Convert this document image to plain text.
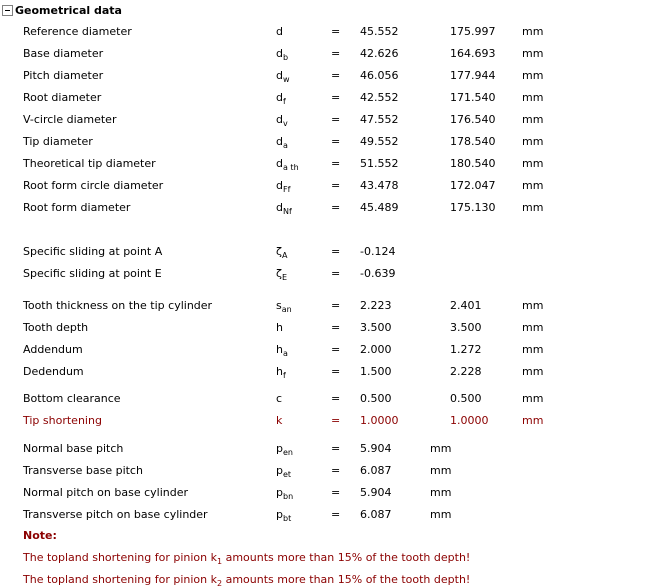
Geometrical data
Reference diameter	d	= 45.552	175.997 mm
Base diameter	$d_b$	= 42.626	164.693 mm
Pitch diameter	$d_w$	= 46.056	177.944 mm
Root diameter	$d_f$	= 42.552	171.540 mm
V-circle diameter	$d_v$	= 47.552	176.540 mm
Tip diameter	$d_a$	= 49.552	178.540 mm
Theoretical tip diameter	$d_{a th}$	= 51.552	180.540 mm
Root form circle diameter	$d_{Ff}$	= 43.478	172.047 mm
Root form diameter	$d_{Nf}$	= 45.489	175.130 mm
Specific sliding at point A	$\zeta_A$	= -0.124
Specific sliding at point E	$\zeta_E$	= -0.639
Tooth thickness on the tip cylinder	$s_{an}$	= 2.223	2.401	mm
Tooth depth	h	= 3.500	3.500	mm
Addendum	$h_a$	= 2.000	1.272	mm
Dedendum	$h_f$	= 1.500	2.228	mm
Bottom clearance	c	= 0.500	0.500	mm
Tip shortening	k	= 1.0000	1.0000	mm
Normal base pitch	$p_{en}$	= 5.904	mm
Transverse base pitch	$p_{et}$	= 6.087	mm
Normal pitch on base cylinder	$p_{bn}$	= 5.904	mm
Transverse pitch on base cylinder	$p_{bt}$	= 6.087	mm
Note:
The topland shortening for pinion $k_1$ amounts more than 15% of the tooth depth!
The topland shortening for pinion $k_2$ amounts more than 15% of the tooth depth!
